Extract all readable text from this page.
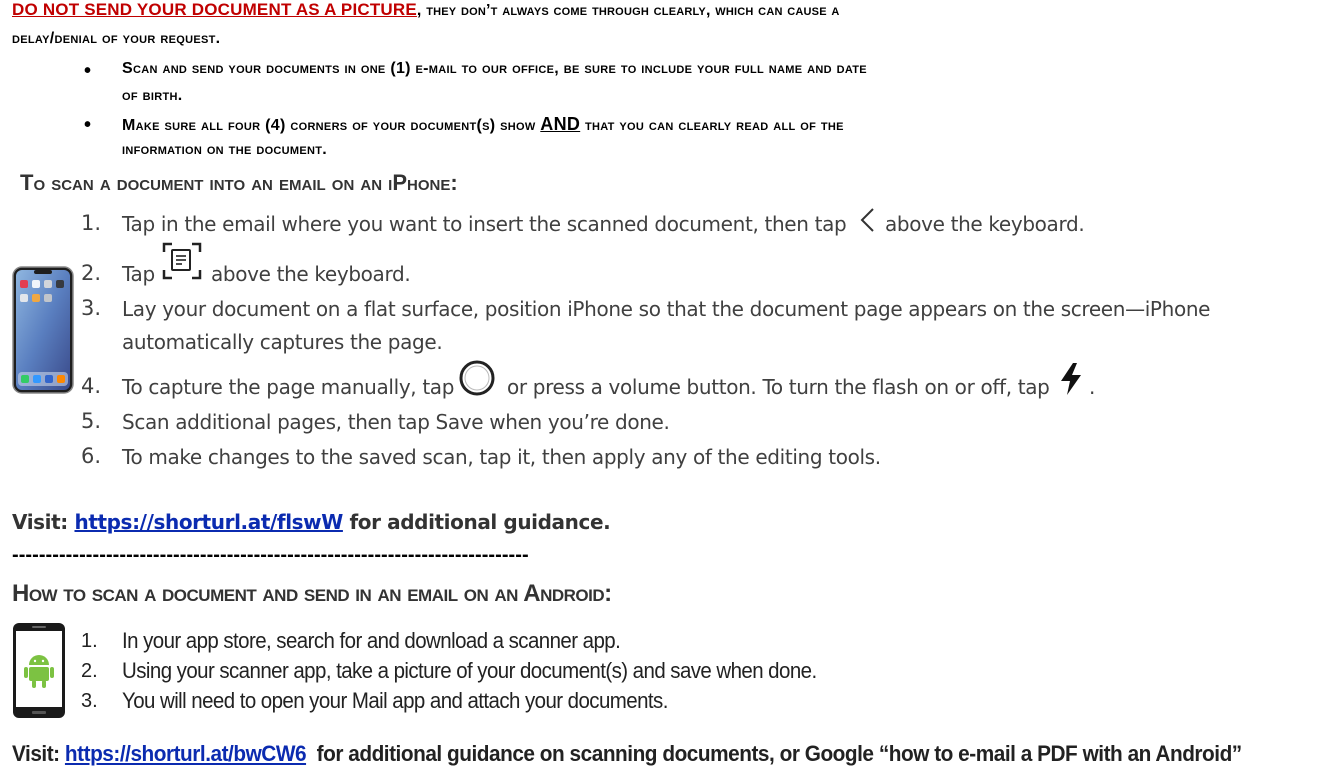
DO NOT SEND YOUR DOCUMENT AS A PICTURE, they don’t always come through clearly, which can cause a
delay/denial of your request.
• Scan and send your documents in one (1) e-mail to our office, be sure to include your full name and date
of birth.
• Make sure all four (4) corners of your document(s) show AND that you can clearly read all of the
information on the document.
To scan a document into an email on an iPhone:
1. Tap in the email where you want to insert the scanned document, then tap above the keyboard.
2. Tap	above the keyboard.
3. Lay your document on a flat surface, position iPhone so that the document page appears on the screen—iPhone
automatically captures the page.
4. To capture the page manually, tap	or press a volume button. To turn the flash on or off, tap .
5. Scan additional pages, then tap Save when you’re done.
6. To make changes to the saved scan, tap it, then apply any of the editing tools.
Visit: https://shorturl.at/flswW for additional guidance.
-----------------------------------------------------------------------------
How to scan a document and send in an email on an Android:
1. In your app store, search for and download a scanner app.
2. Using your scanner app, take a picture of your document(s) and save when done.
3. You will need to open your Mail app and attach your documents.
Visit: https://shorturl.at/bwCW6  for additional guidance on scanning documents, or Google “how to e-mail a PDF with an Android”
